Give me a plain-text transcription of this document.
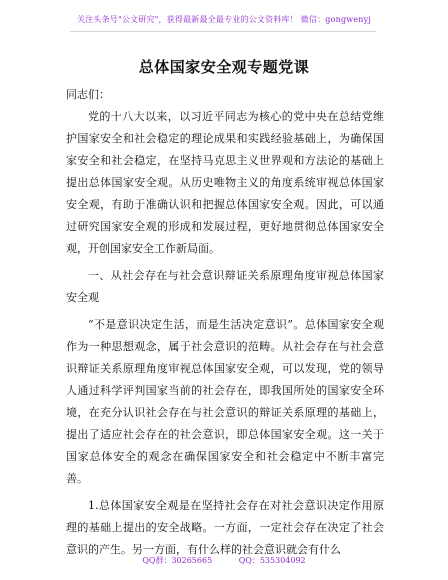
关注头条号"公文研究"，获得最新最全最专业的公文资料库！ 微信：gongwenyj
总体国家安全观专题党课
同志们：

党的十八大以来，以习近平同志为核心的党中央在总结党维护国家安全和社会稳定的理论成果和实践经验基础上，为确保国家安全和社会稳定，在坚持马克思主义世界观和方法论的基础上提出总体国家安全观。从历史唯物主义的角度系统审视总体国家安全观，有助于准确认识和把握总体国家安全观。因此，可以通过研究国家安全观的形成和发展过程，更好地贯彻总体国家安全观，开创国家安全工作新局面。

一、从社会存在与社会意识辩证关系原理角度审视总体国家安全观

“不是意识决定生活，而是生活决定意识”。总体国家安全观作为一种思想观念，属于社会意识的范畴。从社会存在与社会意识辩证关系原理角度审视总体国家安全观，可以发现，党的领导人通过科学评判国家当前的社会存在，即我国所处的国家安全环境，在充分认识社会存在与社会意识的辩证关系原理的基础上，提出了适应社会存在的社会意识，即总体国家安全观。这一关于国家总体安全的观念在确保国家安全和社会稳定中不断丰富完善。

1.总体国家安全观是在坚持社会存在对社会意识决定作用原理的基础上提出的安全战略。一方面，一定社会存在决定了社会意识的产生。另一方面，有什么样的社会意识就会有什么

QQ群：30265665	QQ：535304092
